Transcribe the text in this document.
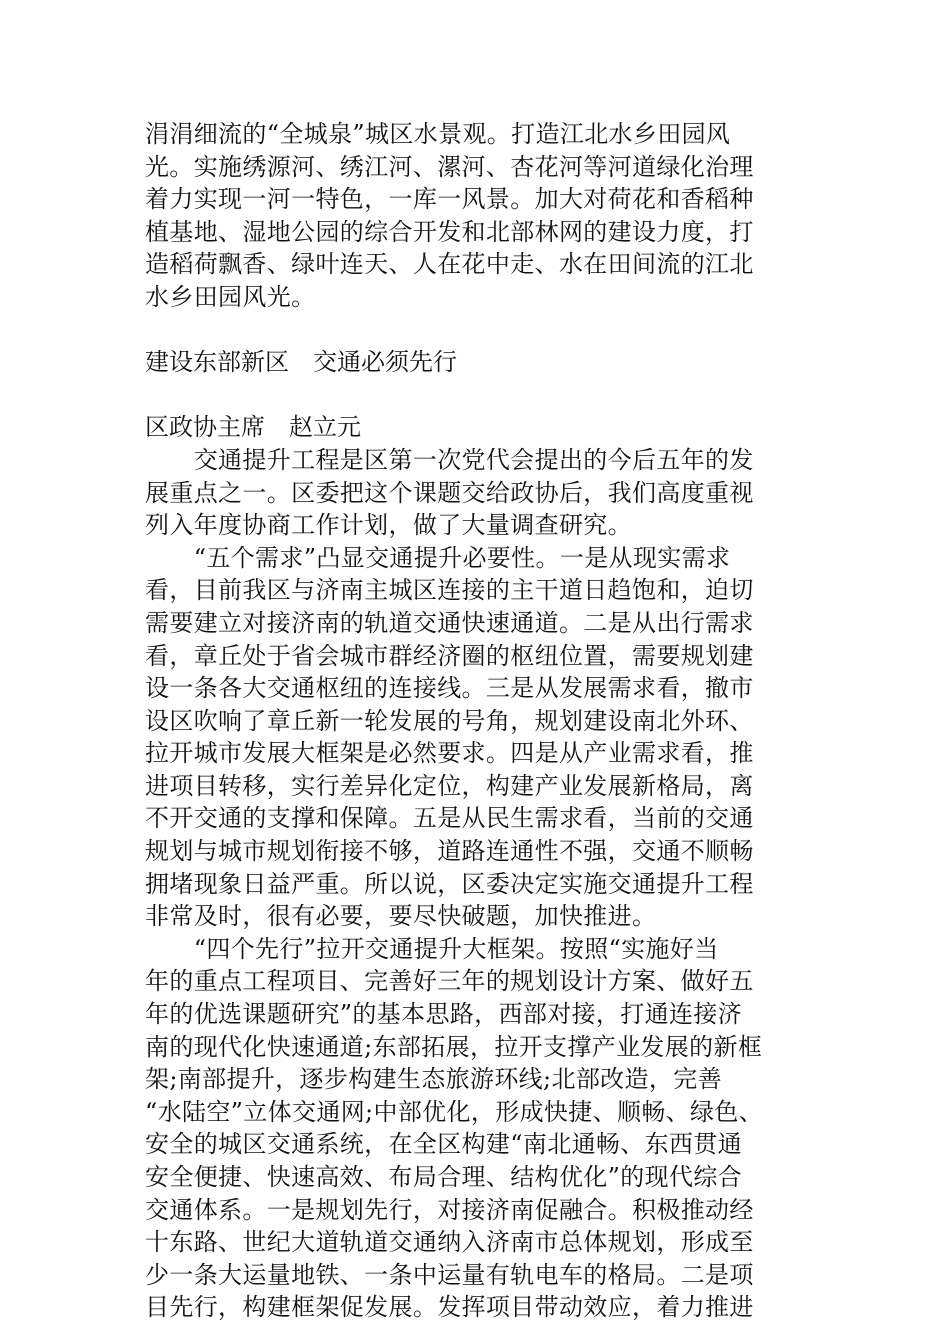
涓涓细流的“全城泉”城区水景观。打造江北水乡田园风

光。实施绣源河、绣江河、漯河、杏花河等河道绿化治理

着力实现一河一特色，一库一风景。加大对荷花和香稻种

植基地、湿地公园的综合开发和北部林网的建设力度，打

造稻荷飘香、绿叶连天、人在花中走、水在田间流的江北

水乡田园风光。

建设东部新区　交通必须先行

区政协主席　赵立元

　　交通提升工程是区第一次党代会提出的今后五年的发

展重点之一。区委把这个课题交给政协后，我们高度重视

列入年度协商工作计划，做了大量调查研究。

　　“五个需求”凸显交通提升必要性。一是从现实需求

看，目前我区与济南主城区连接的主干道日趋饱和，迫切

需要建立对接济南的轨道交通快速通道。二是从出行需求

看，章丘处于省会城市群经济圈的枢纽位置，需要规划建

设一条各大交通枢纽的连接线。三是从发展需求看，撤市

设区吹响了章丘新一轮发展的号角，规划建设南北外环、

拉开城市发展大框架是必然要求。四是从产业需求看，推

进项目转移，实行差异化定位，构建产业发展新格局，离

不开交通的支撑和保障。五是从民生需求看，当前的交通

规划与城市规划衔接不够，道路连通性不强，交通不顺畅

拥堵现象日益严重。所以说，区委决定实施交通提升工程

非常及时，很有必要，要尽快破题，加快推进。

　　“四个先行”拉开交通提升大框架。按照“实施好当

年的重点工程项目、完善好三年的规划设计方案、做好五

年的优选课题研究”的基本思路，西部对接，打通连接济

南的现代化快速通道;东部拓展，拉开支撑产业发展的新框

架;南部提升，逐步构建生态旅游环线;北部改造，完善

“水陆空”立体交通网;中部优化，形成快捷、顺畅、绿色、

安全的城区交通系统，在全区构建“南北通畅、东西贯通

安全便捷、快速高效、布局合理、结构优化”的现代综合

交通体系。一是规划先行，对接济南促融合。积极推动经

十东路、世纪大道轨道交通纳入济南市总体规划，形成至

少一条大运量地铁、一条中运量有轨电车的格局。二是项

目先行，构建框架促发展。发挥项目带动效应，着力推进
